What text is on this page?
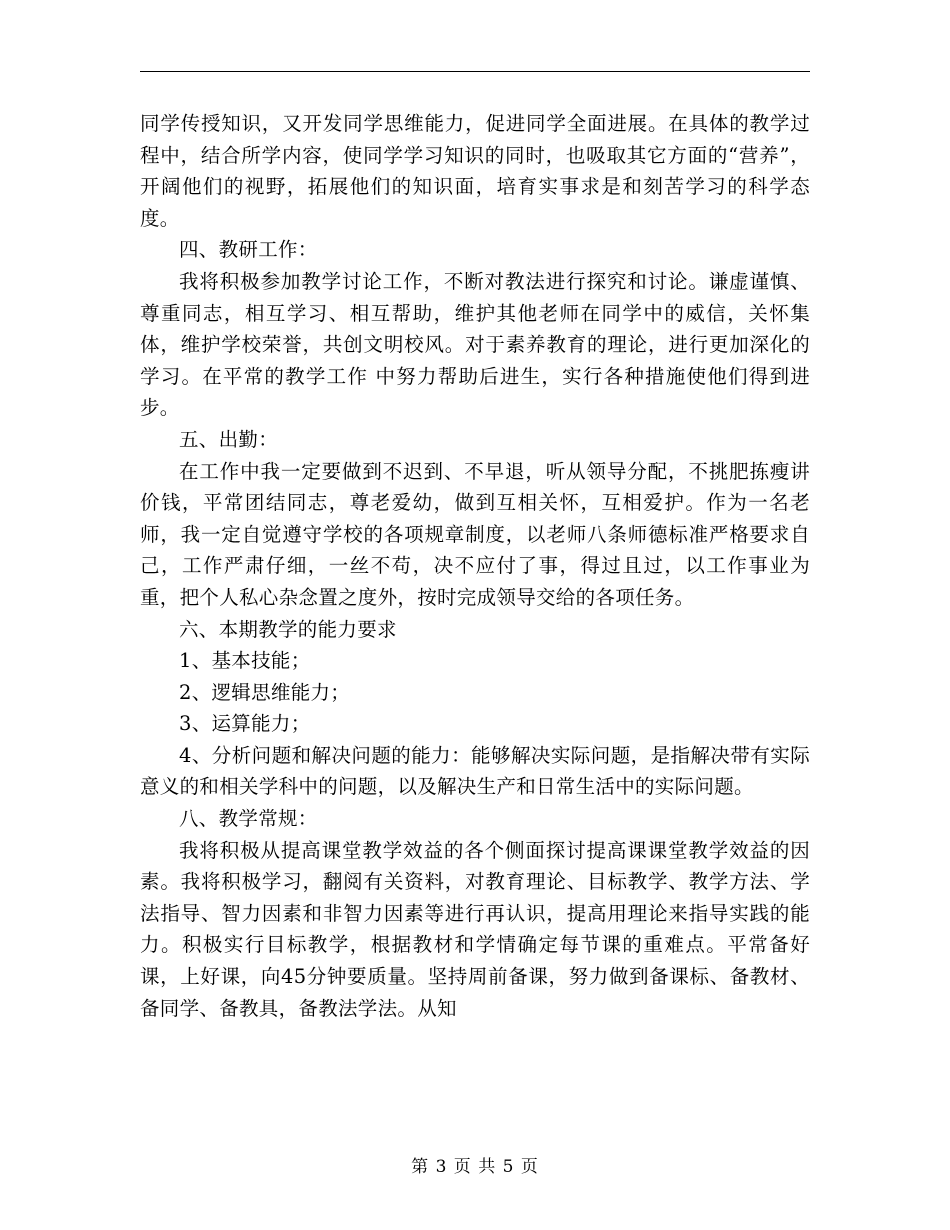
同学传授知识，又开发同学思维能力，促进同学全面进展。在具体的教学过程中，结合所学内容，使同学学习知识的同时，也吸取其它方面的“营养”，开阔他们的视野，拓展他们的知识面，培育实事求是和刻苦学习的科学态度。

四、教研工作：

我将积极参加教学讨论工作，不断对教法进行探究和讨论。谦虚谨慎、尊重同志，相互学习、相互帮助，维护其他老师在同学中的威信，关怀集体，维护学校荣誉，共创文明校风。对于素养教育的理论，进行更加深化的学习。在平常的教学工作 中努力帮助后进生，实行各种措施使他们得到进步。

五、出勤：

在工作中我一定要做到不迟到、不早退，听从领导分配，不挑肥拣瘦讲价钱，平常团结同志，尊老爱幼，做到互相关怀，互相爱护。作为一名老师，我一定自觉遵守学校的各项规章制度，以老师八条师德标准严格要求自己，工作严肃仔细，一丝不苟，决不应付了事，得过且过，以工作事业为重，把个人私心杂念置之度外，按时完成领导交给的各项任务。

六、本期教学的能力要求

1、基本技能；

2、逻辑思维能力；

3、运算能力；

4、分析问题和解决问题的能力：能够解决实际问题，是指解决带有实际意义的和相关学科中的问题，以及解决生产和日常生活中的实际问题。

八、教学常规：

我将积极从提高课堂教学效益的各个侧面探讨提高课课堂教学效益的因素。我将积极学习，翻阅有关资料，对教育理论、目标教学、教学方法、学法指导、智力因素和非智力因素等进行再认识，提高用理论来指导实践的能力。积极实行目标教学，根据教材和学情确定每节课的重难点。平常备好课，上好课，向45分钟要质量。坚持周前备课，努力做到备课标、备教材、备同学、备教具，备教法学法。从知

第 3 页 共 5 页
